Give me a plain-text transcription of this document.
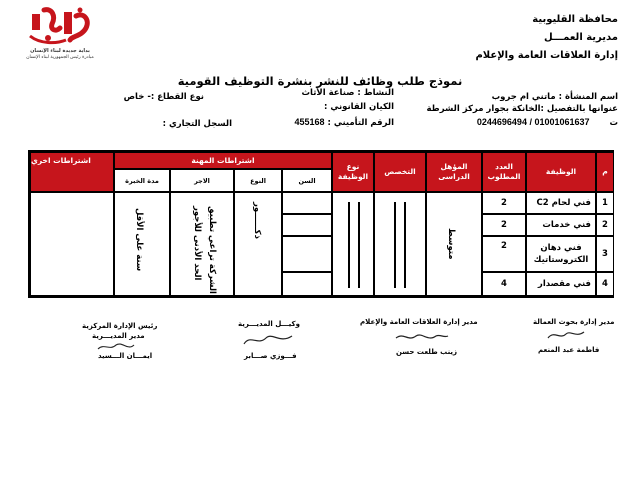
بداية جديدة لبناء الإنسان
مبادرة رئيس الجمهورية لبناء الإنسان
محافظة القليوبية
مديرية العمـــل
إدارة العلاقات العامة والإعلام
نموذج طلب وظائف للنشر بنشرة التوظيف القومية
اسم المنشأة : ماتني ام جروب
النشاط : صناعة الأثاث
نوع القطاع :- خاص
عنوانها بالتفصيل :الخانكة بجوار مركز الشرطة
الكيان القانوني :
ت  0244696494 / 01001061637
الرقم التأميني : 455168
السجل التجاري :
م
الوظيفة
العدد المطلوب
المؤهل الدراسى
التخصص
نوع الوظيفة
اشتراطات المهنة
السن
النوع
الاجر
مدة الخبرة
اشتراطات اخري
1
فني لحام C2
2
2
فني خدمات
2
3
فني دهان الكتروستاتيك
2
4
فني مقصدار
4
متوسط
ذكــــــور
الحد الأدنى للأجور الشركة تراعي تطبيق
سنة على الأقل
مدير إدارة بحوث العمالة
فاطمة عبد المنعم
مدير إدارة العلاقات العامة والإعلام
زينب طلعت حسن
وكيـــل المديـــرية
فـــوزي صـــابر
رئيس الإدارة المركزية
مدير المديـــرية
ايمـــان الـــسيد
